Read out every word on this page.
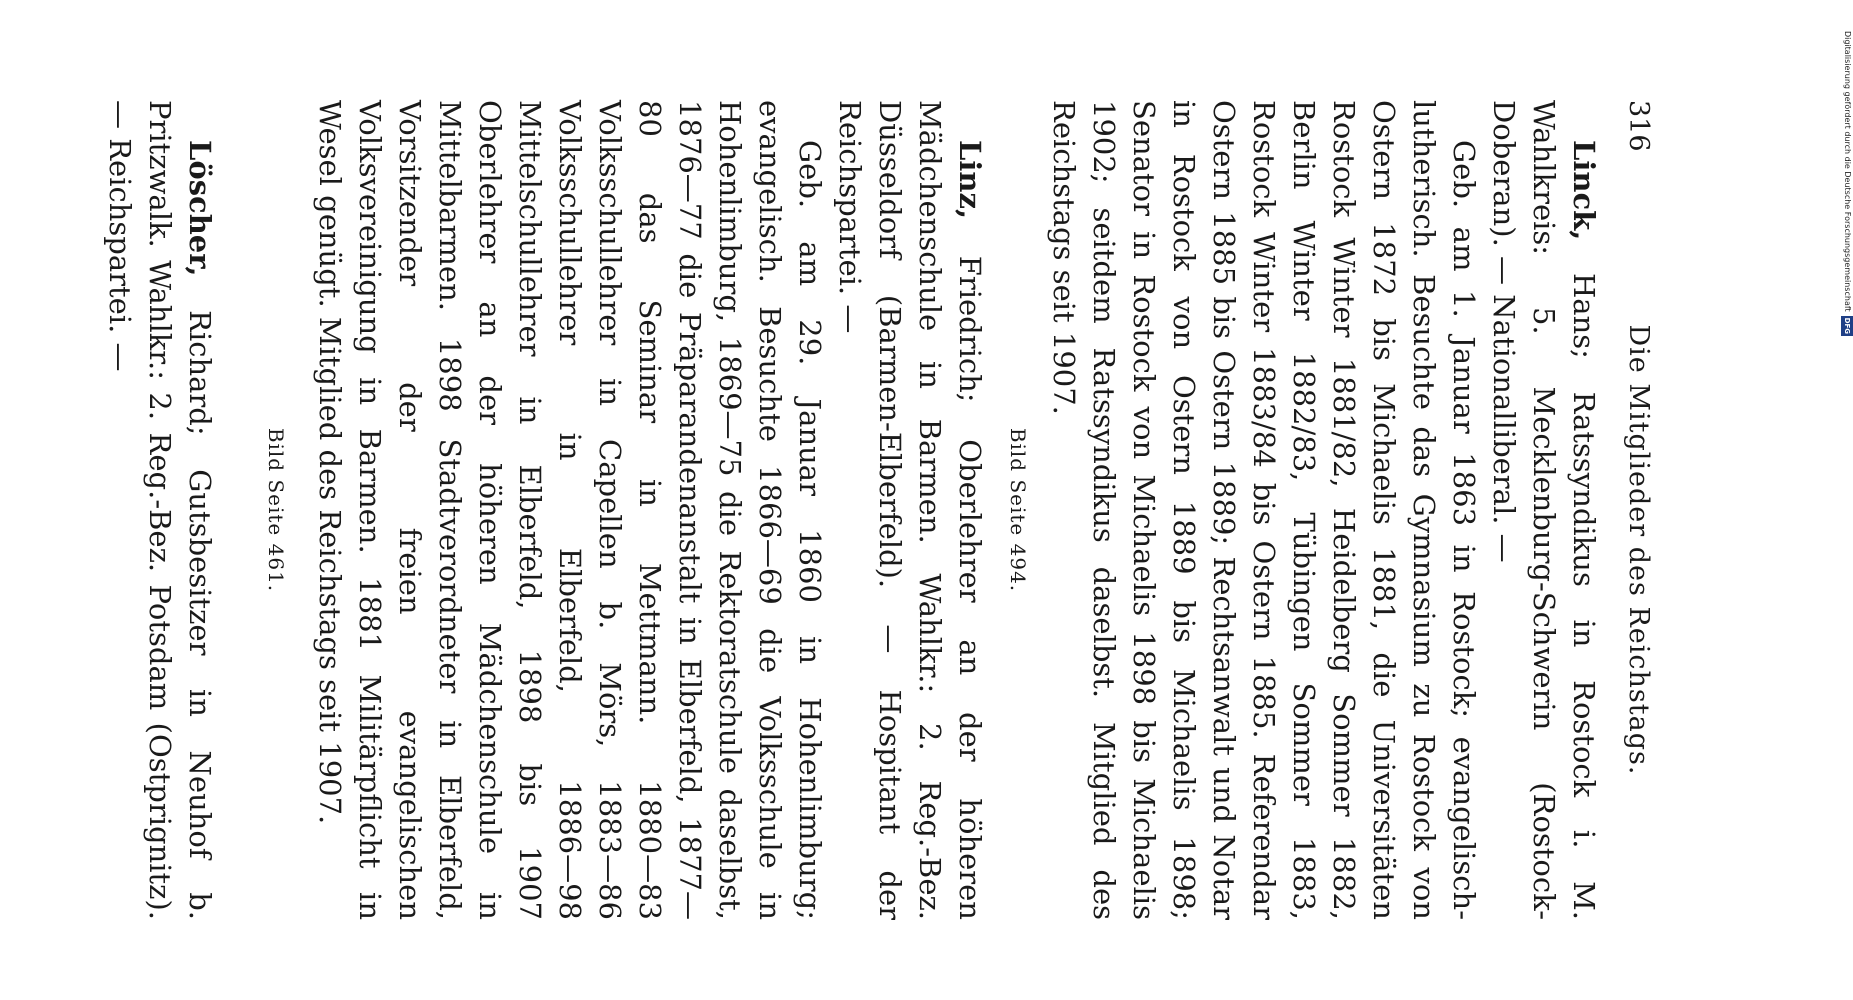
316
Die Mitglieder des Reichstags.

Linck, Hans; Ratssyndikus in Rostock i. M. Wahlkreis: 5. Mecklenburg-Schwerin (Rostock-Doberan). — Nationalliberal. —

Geb. am 1. Januar 1863 in Rostock; evangelisch-lutherisch. Besuchte das Gymnasium zu Rostock von Ostern 1872 bis Michaelis 1881, die Universitäten Rostock Winter 1881/82, Heidelberg Sommer 1882, Berlin Winter 1882/83, Tübingen Sommer 1883, Rostock Winter 1883/84 bis Ostern 1885. Referendar Ostern 1885 bis Ostern 1889; Rechtsanwalt und Notar in Rostock von Ostern 1889 bis Michaelis 1898; Senator in Rostock von Michaelis 1898 bis Michaelis 1902; seitdem Ratssyndikus daselbst. Mitglied des Reichstags seit 1907.

Bild Seite 494.

Linz, Friedrich; Oberlehrer an der höheren Mädchenschule in Barmen. Wahlkr.: 2. Reg.-Bez. Düsseldorf (Barmen-Elberfeld). — Hospitant der Reichspartei. —

Geb. am 29. Januar 1860 in Hohenlimburg; evangelisch. Besuchte 1866—69 die Volksschule in Hohenlimburg, 1869—75 die Rektoratschule daselbst, 1876—77 die Präparandenanstalt in Elberfeld, 1877—80 das Seminar in Mettmann. 1880—83 Volksschullehrer in Capellen b. Mörs, 1883—86 Volksschullehrer in Elberfeld, 1886—98 Mittelschullehrer in Elberfeld, 1898 bis 1907 Oberlehrer an der höheren Mädchenschule in Mittelbarmen. 1898 Stadtverordneter in Elberfeld, Vorsitzender der freien evangelischen Volksvereinigung in Barmen. 1881 Militärpflicht in Wesel genügt. Mitglied des Reichstags seit 1907.

Bild Seite 461.

Löscher, Richard; Gutsbesitzer in Neuhof b. Pritzwalk. Wahlkr.: 2. Reg.-Bez. Potsdam (Ostprignitz). — Reichspartei. —	Digitalisierung gefördert durch die Deutsche Forschungsgemeinschaft
DFG
